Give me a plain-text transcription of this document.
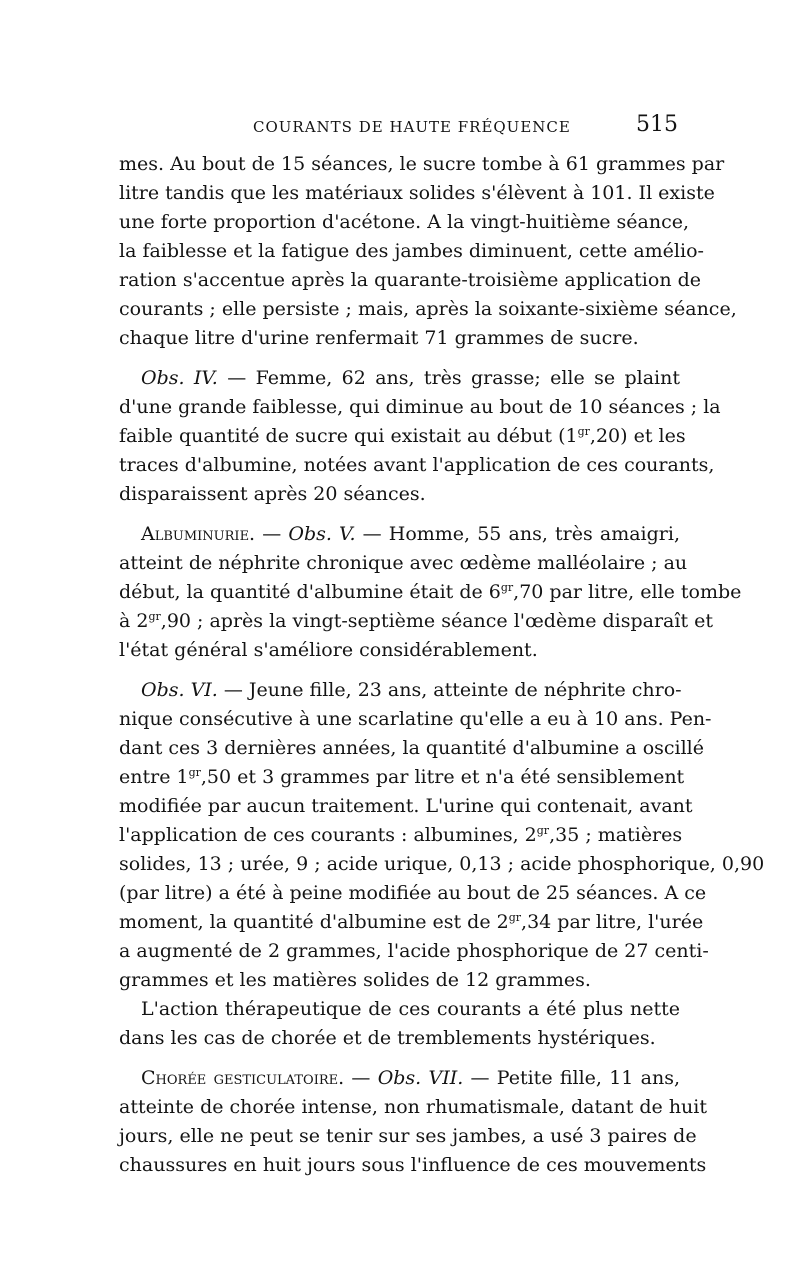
COURANTS DE HAUTE FRÉQUENCE	515
mes. Au bout de 15 séances, le sucre tombe à 61 grammes par
litre tandis que les matériaux solides s'élèvent à 101. Il existe
une forte proportion d'acétone. A la vingt-huitième séance,
la faiblesse et la fatigue des jambes diminuent, cette amélio-
ration s'accentue après la quarante-troisième application de
courants ; elle persiste ; mais, après la soixante-sixième séance,
chaque litre d'urine renfermait 71 grammes de sucre.
Obs. IV. — Femme, 62 ans, très grasse; elle se plaint
d'une grande faiblesse, qui diminue au bout de 10 séances ; la
faible quantité de sucre qui existait au début $(1^{gr},20)$ et les
traces d'albumine, notées avant l'application de ces courants,
disparaissent après 20 séances.
Albuminurie. — Obs. V. — Homme, 55 ans, très amaigri,
atteint de néphrite chronique avec œdème malléolaire ; au
début, la quantité d'albumine était de $6^{gr},70$ par litre, elle tombe
à $2^{gr},90$ ; après la vingt-septième séance l'œdème disparaît et
l'état général s'améliore considérablement.
Obs. VI. — Jeune fille, 23 ans, atteinte de néphrite chro-
nique consécutive à une scarlatine qu'elle a eu à 10 ans. Pen-
dant ces 3 dernières années, la quantité d'albumine a oscillé
entre $1^{gr},50$ et 3 grammes par litre et n'a été sensiblement
modifiée par aucun traitement. L'urine qui contenait, avant
l'application de ces courants : albumines, $2^{gr},35$ ; matières
solides, 13 ; urée, 9 ; acide urique, 0,13 ; acide phosphorique, 0,90
(par litre) a été à peine modifiée au bout de 25 séances. A ce
moment, la quantité d'albumine est de $2^{gr},34$ par litre, l'urée
a augmenté de 2 grammes, l'acide phosphorique de 27 centi-
grammes et les matières solides de 12 grammes.
L'action thérapeutique de ces courants a été plus nette
dans les cas de chorée et de tremblements hystériques.
Chorée gesticulatoire. — Obs. VII. — Petite fille, 11 ans,
atteinte de chorée intense, non rhumatismale, datant de huit
jours, elle ne peut se tenir sur ses jambes, a usé 3 paires de
chaussures en huit jours sous l'influence de ces mouvements
